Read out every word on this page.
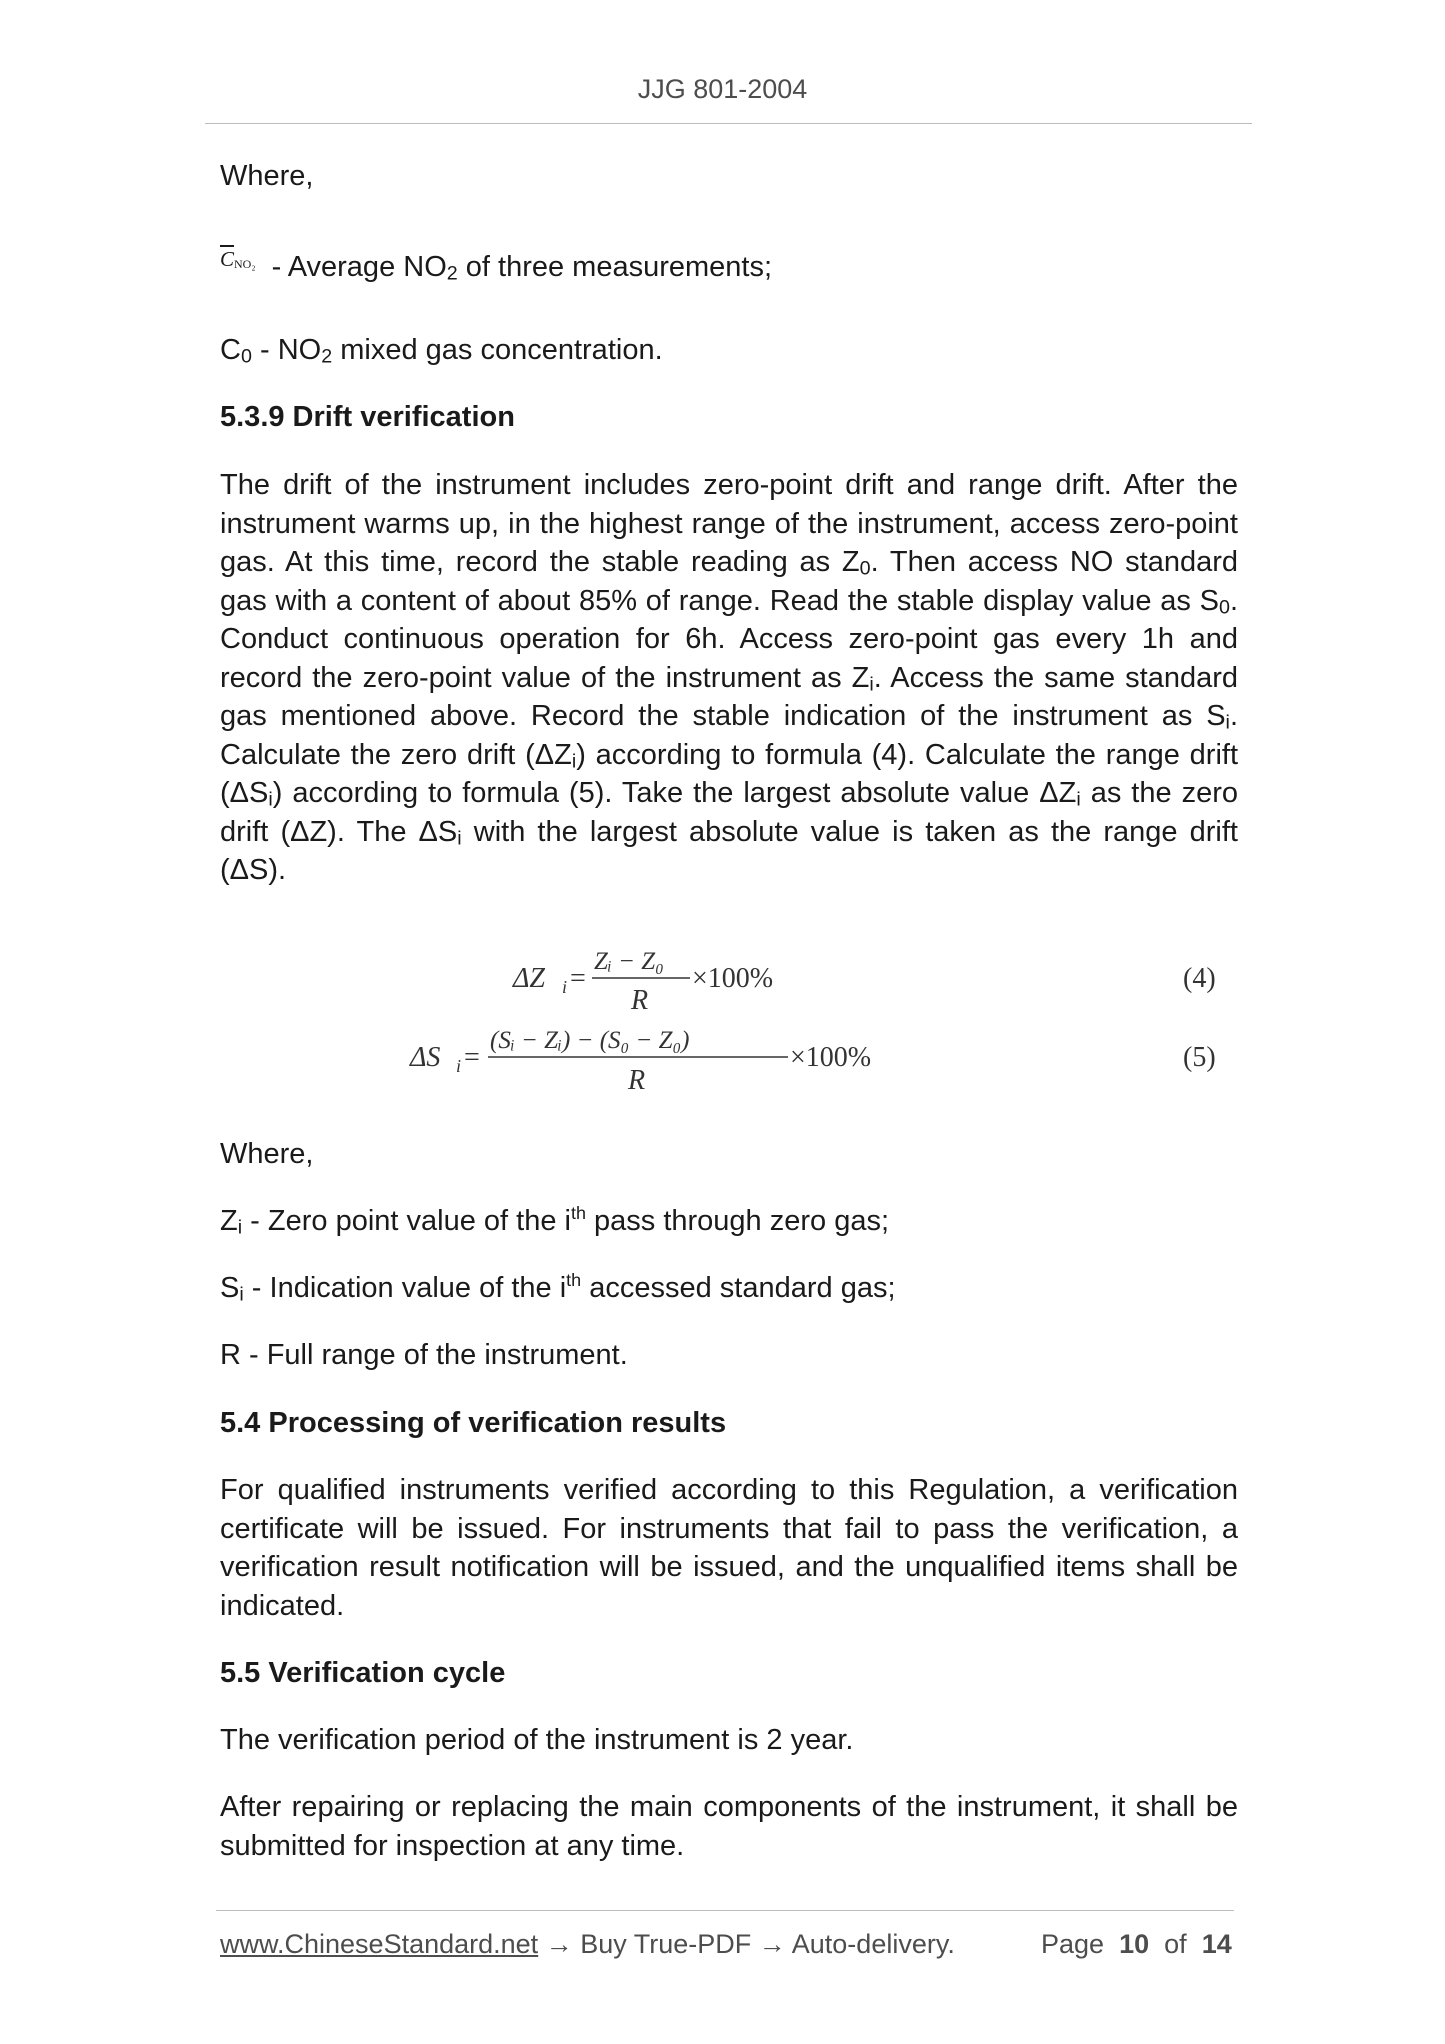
JJG 801-2004

Where,

$^{\overline{C}_{NO_2}}$ - Average $NO_2$ of three measurements;

$C_0 - NO_2$ mixed gas concentration.

5.3.9 Drift verification

The drift of the instrument includes zero-point drift and range drift. After the instrument warms up, in the highest range of the instrument, access zero-point gas. At this time, record the stable reading as $Z_0$. Then access NO standard gas with a content of about 85% of range. Read the stable display value as $S_0$. Conduct continuous operation for 6h. Access zero-point gas every 1h and record the zero-point value of the instrument as $Z_i$. Access the same standard gas mentioned above. Record the stable indication of the instrument as $S_i$. Calculate the zero drift $(\Delta Z_i)$ according to formula (4). Calculate the range drift $(\Delta S_i)$ according to formula (5). Take the largest absolute value $\Delta Z_i$ as the zero drift (ΔZ). The $\Delta S_i$ with the largest absolute value is taken as the range drift (ΔS).

ΔZ i =
Zᵢ − Z₀
R
×100%	(4)
ΔS i =
(Sᵢ − Zᵢ) − (S₀ − Z₀)
R
×100%	(5)

Where,

$Z_i$ - Zero point value of the $i^{th}$ pass through zero gas;

$S_i$ - Indication value of the $i^{th}$ accessed standard gas;

R - Full range of the instrument.

5.4 Processing of verification results

For qualified instruments verified according to this Regulation, a verification certificate will be issued. For instruments that fail to pass the verification, a verification result notification will be issued, and the unqualified items shall be indicated.

5.5 Verification cycle

The verification period of the instrument is 2 year.

After repairing or replacing the main components of the instrument, it shall be submitted for inspection at any time.

www.ChineseStandard.net → Buy True-PDF → Auto-delivery.	Page 10 of 14
